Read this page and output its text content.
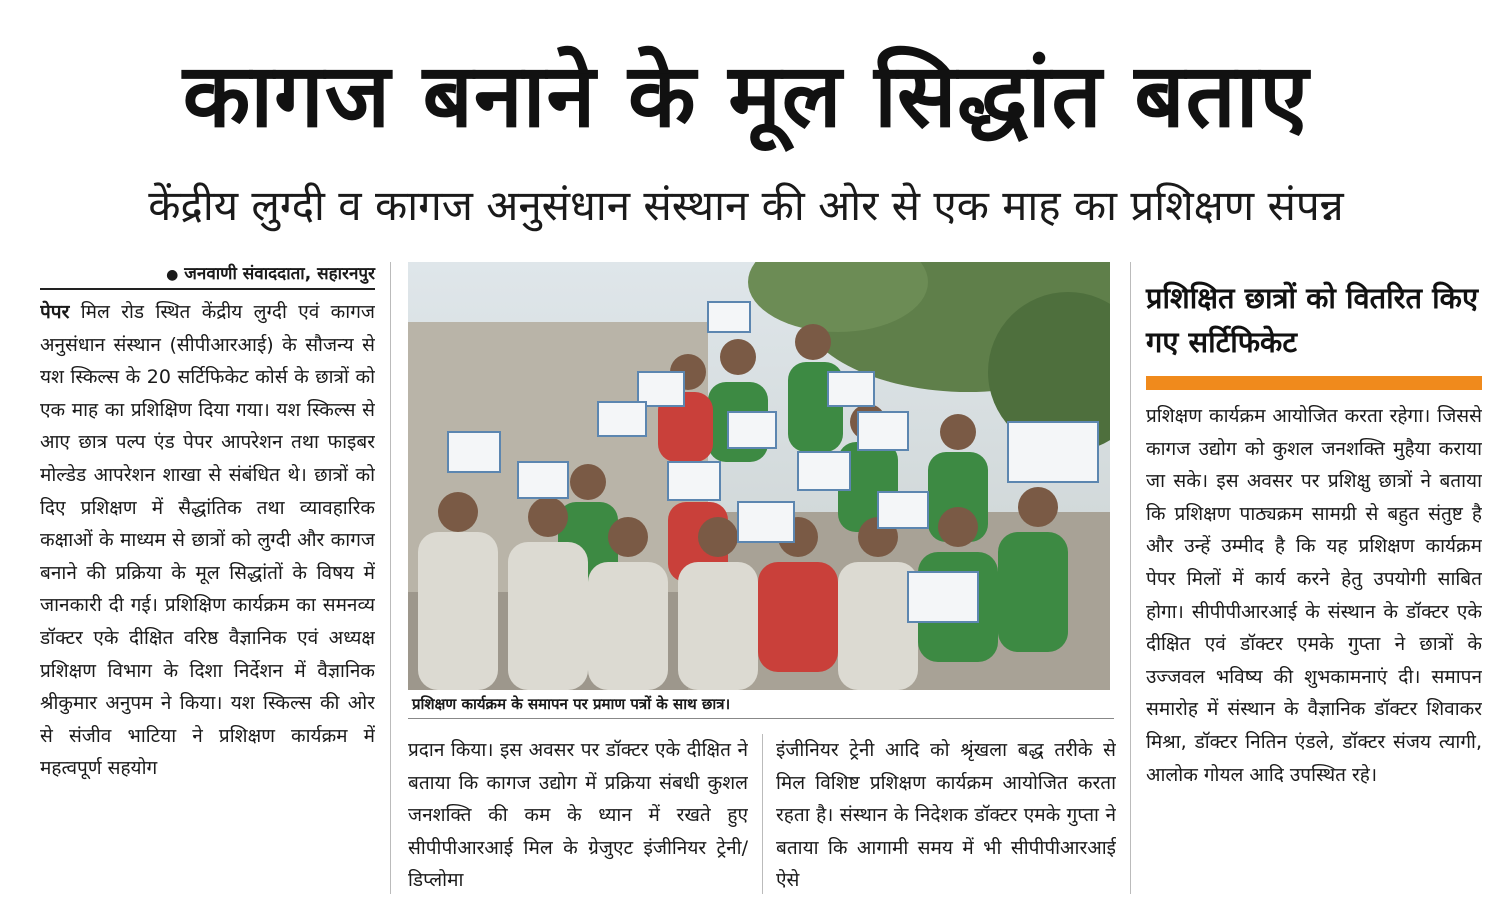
कागज बनाने के मूल सिद्धांत बताए
केंद्रीय लुग्दी व कागज अनुसंधान संस्थान की ओर से एक माह का प्रशिक्षण संपन्न
● जनवाणी संवाददाता, सहारनपुर

पेपर मिल रोड स्थित केंद्रीय लुग्दी एवं कागज अनुसंधान संस्थान (सीपीआरआई) के सौजन्य से यश स्किल्स के 20 सर्टिफिकेट कोर्स के छात्रों को एक माह का प्रशिक्षिण दिया गया। यश स्किल्स से आए छात्र पल्प एंड पेपर आपरेशन तथा फाइबर मोल्डेड आपरेशन शाखा से संबंधित थे। छात्रों को दिए प्रशिक्षण में सैद्धांतिक तथा व्यावहारिक कक्षाओं के माध्यम से छात्रों को लुग्दी और कागज बनाने की प्रक्रिया के मूल सिद्धांतों के विषय में जानकारी दी गई। प्रशिक्षिण कार्यक्रम का समनव्य डॉक्टर एके दीक्षित वरिष्ठ वैज्ञानिक एवं अध्यक्ष प्रशिक्षण विभाग के दिशा निर्देशन में वैज्ञानिक श्रीकुमार अनुपम ने किया। यश स्किल्स की ओर से संजीव भाटिया ने प्रशिक्षण कार्यक्रम में महत्वपूर्ण सहयोग

प्रशिक्षण कार्यक्रम के समापन पर प्रमाण पत्रों के साथ छात्र।

प्रदान किया। इस अवसर पर डॉक्टर एके दीक्षित ने बताया कि कागज उद्योग में प्रक्रिया संबधी कुशल जनशक्ति की कम के ध्यान में रखते हुए सीपीपीआरआई मिल के ग्रेजुएट इंजीनियर ट्रेनी/डिप्लोमा

इंजीनियर ट्रेनी आदि को श्रृंखला बद्ध तरीके से मिल विशिष्ट प्रशिक्षण कार्यक्रम आयोजित करता रहता है। संस्थान के निदेशक डॉक्टर एमके गुप्ता ने बताया कि आगामी समय में भी सीपीपीआरआई ऐसे

प्रशिक्षित छात्रों को वितरित किए गए सर्टिफिकेट

प्रशिक्षण कार्यक्रम आयोजित करता रहेगा। जिससे कागज उद्योग को कुशल जनशक्ति मुहैया कराया जा सके। इस अवसर पर प्रशिक्षु छात्रों ने बताया कि प्रशिक्षण पाठ्यक्रम सामग्री से बहुत संतुष्ट है और उन्हें उम्मीद है कि यह प्रशिक्षण कार्यक्रम पेपर मिलों में कार्य करने हेतु उपयोगी साबित होगा। सीपीपीआरआई के संस्थान के डॉक्टर एके दीक्षित एवं डॉक्टर एमके गुप्ता ने छात्रों के उज्जवल भविष्य की शुभकामनाएं दी। समापन समारोह में संस्थान के वैज्ञानिक डॉक्टर शिवाकर मिश्रा, डॉक्टर नितिन एंडले, डॉक्टर संजय त्यागी, आलोक गोयल आदि उपस्थित रहे।
